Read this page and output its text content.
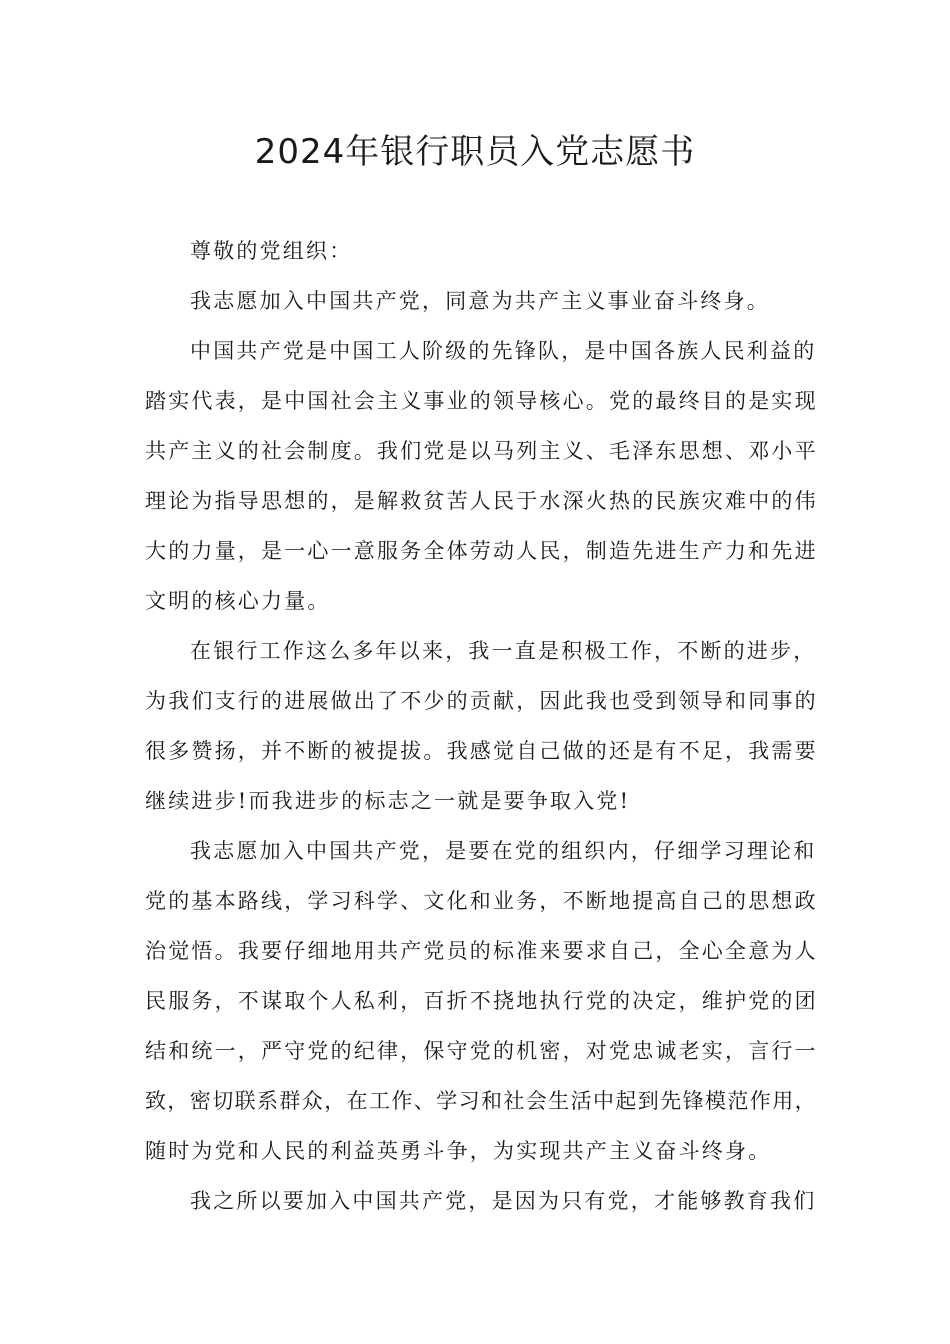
2024年银行职员入党志愿书
尊敬的党组织：
我志愿加入中国共产党，同意为共产主义事业奋斗终身。
中国共产党是中国工人阶级的先锋队，是中国各族人民利益的
踏实代表，是中国社会主义事业的领导核心。党的最终目的是实现
共产主义的社会制度。我们党是以马列主义、毛泽东思想、邓小平
理论为指导思想的，是解救贫苦人民于水深火热的民族灾难中的伟
大的力量，是一心一意服务全体劳动人民，制造先进生产力和先进
文明的核心力量。
在银行工作这么多年以来，我一直是积极工作，不断的进步，
为我们支行的进展做出了不少的贡献，因此我也受到领导和同事的
很多赞扬，并不断的被提拔。我感觉自己做的还是有不足，我需要
继续进步!而我进步的标志之一就是要争取入党!
我志愿加入中国共产党，是要在党的组织内，仔细学习理论和
党的基本路线，学习科学、文化和业务，不断地提高自己的思想政
治觉悟。我要仔细地用共产党员的标准来要求自己，全心全意为人
民服务，不谋取个人私利，百折不挠地执行党的决定，维护党的团
结和统一，严守党的纪律，保守党的机密，对党忠诚老实，言行一
致，密切联系群众，在工作、学习和社会生活中起到先锋模范作用，
随时为党和人民的利益英勇斗争，为实现共产主义奋斗终身。
我之所以要加入中国共产党，是因为只有党，才能够教育我们
